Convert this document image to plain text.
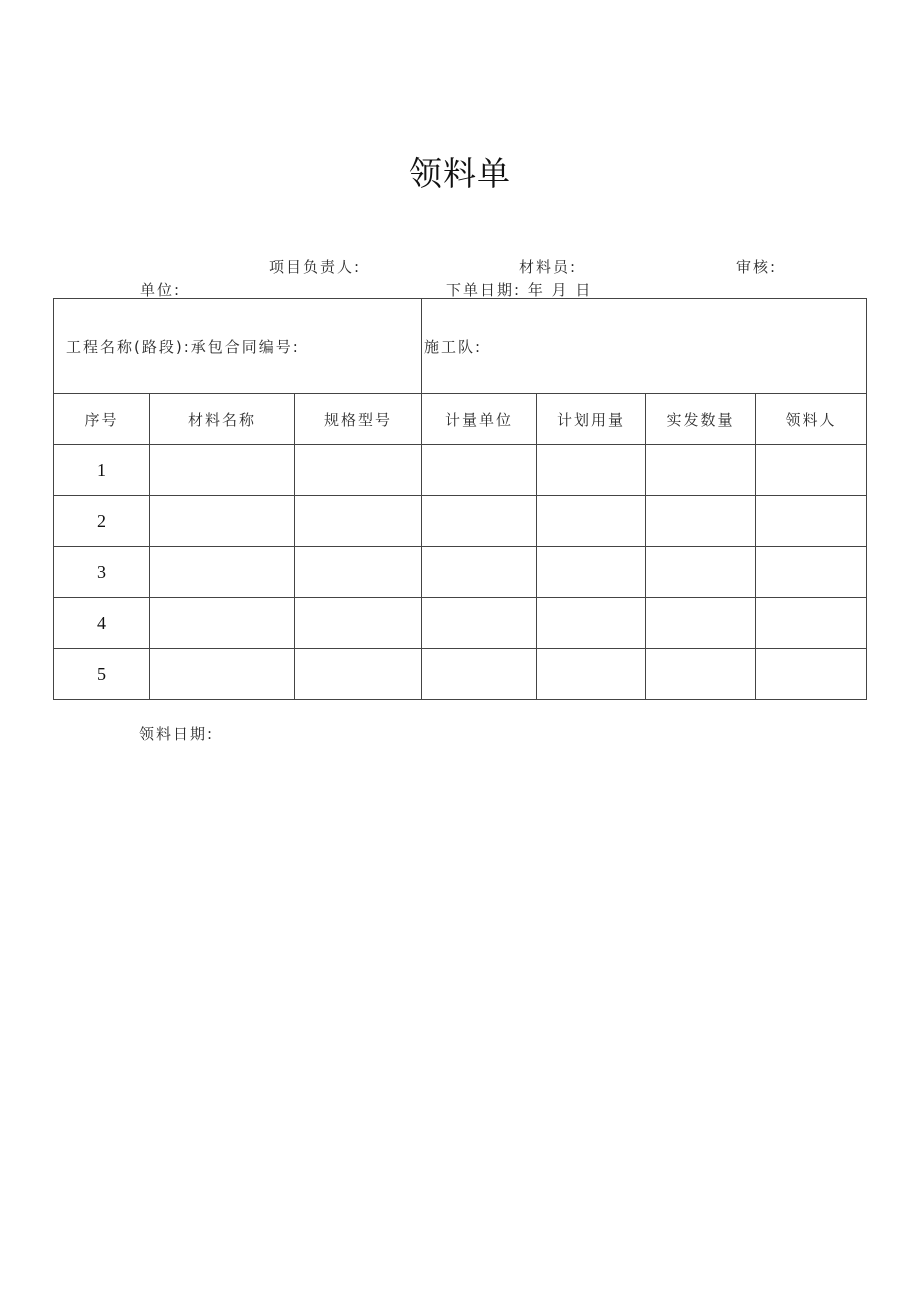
领料单
项目负责人:	材料员:	审核:
单位:	下单日期: 年 月 日
工程名称(路段):承包合同编号:			施工队:			
序号	材料名称	规格型号	计量单位	计划用量	实发数量	领料人
1						
2						
3						
4						
5						
领料日期:
